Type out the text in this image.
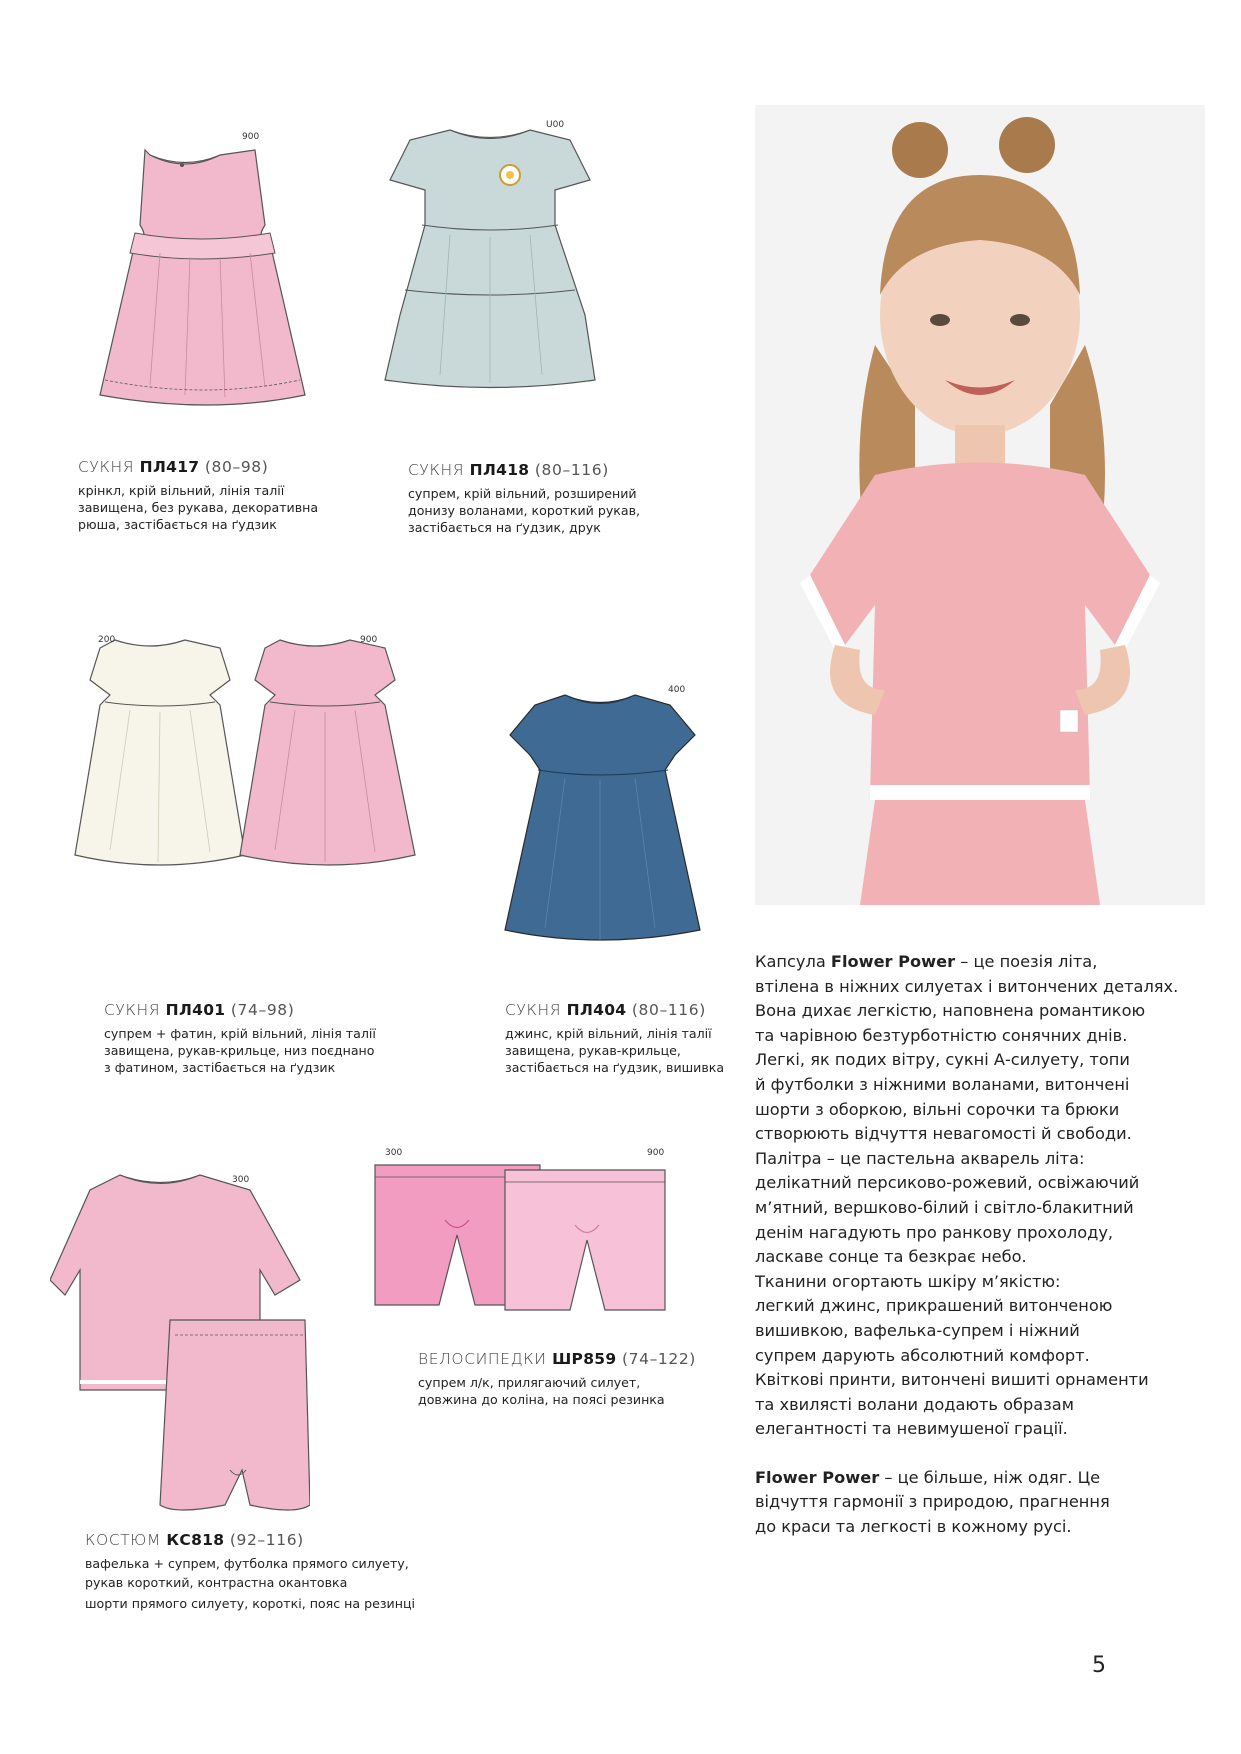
900
U00
200	900
400
300
300	900
СУКНЯ ПЛ417 (80–98)
крінкл, крій вільний, лінія талії
завищена, без рукава, декоративна
рюша, застібається на ґудзик
СУКНЯ ПЛ418 (80–116)
супрем, крій вільний, розширений
донизу воланами, короткий рукав,
застібається на ґудзик, друк
СУКНЯ ПЛ401 (74–98)
супрем + фатин, крій вільний, лінія талії
завищена, рукав-крильце, низ поєднано
з фатином, застібається на ґудзик
СУКНЯ ПЛ404 (80–116)
джинс, крій вільний, лінія талії
завищена, рукав-крильце,
застібається на ґудзик, вишивка
КОСТЮМ КС818 (92–116)
вафелька + супрем, футболка прямого силуету,
рукав короткий, контрастна окантовка
шорти прямого силуету, короткі, пояс на резинці
ВЕЛОСИПЕДКИ ШР859 (74–122)
супрем л/к, прилягаючий силует,
довжина до коліна, на поясі резинка
Капсула Flower Power – це поезія літа,
втілена в ніжних силуетах і витончених деталях.
Вона дихає легкістю, наповнена романтикою
та чарівною безтурботністю сонячних днів.
Легкі, як подих вітру, сукні А-силуету, топи
й футболки з ніжними воланами, витончені
шорти з оборкою, вільні сорочки та брюки
створюють відчуття невагомості й свободи.
Палітра – це пастельна акварель літа:
делікатний персиково-рожевий, освіжаючий
м’ятний, вершково-білий і світло-блакитний
денім нагадують про ранкову прохолоду,
ласкаве сонце та безкрає небо.
Тканини огортають шкіру м’якістю:
легкий джинс, прикрашений витонченою
вишивкою, вафелька-супрем і ніжний
супрем дарують абсолютний комфорт.
Квіткові принти, витончені вишиті орнаменти
та хвилясті волани додають образам
елегантності та невимушеної грації.
Flower Power – це більше, ніж одяг. Це
відчуття гармонії з природою, прагнення
до краси та легкості в кожному русі.
5
